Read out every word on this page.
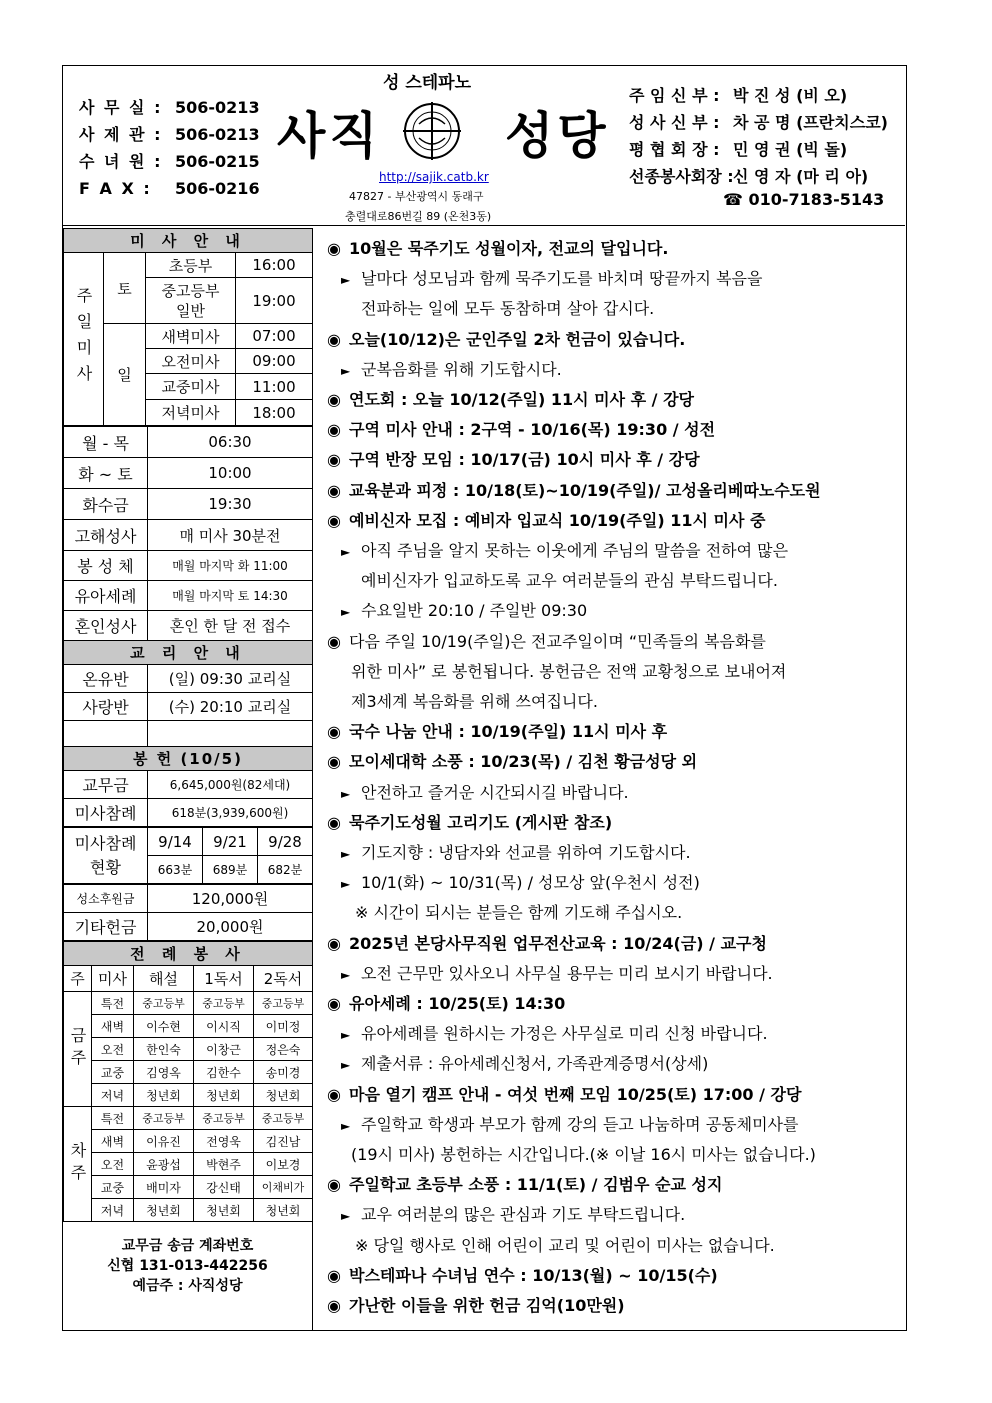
사 무 실 : 506-0213
사 제 관 : 506-0213
수 녀 원 : 506-0215
F A X :	506-0216
성 스테파노
사직 성당
http://sajik.catb.kr
47827 - 부산광역시 동래구
충렬대로86번길 89 (온천3동)
주 임 신 부 : 박 진 성 (비 오)
성 사 신 부 : 차 공 명 (프란치스코)
평 협 회 장 : 민 영 권 (빅 돌)
선종봉사회장 : 신 영 자 (마 리 아)
☎ 010-7183-5143
미 사 안 내			
주일미사	토	초등부	16:00
		중고등부
일반	19:00
	일	새벽미사	07:00
		오전미사	09:00
		교중미사	11:00
		저녁미사	18:00
월 - 목	06:30
화 ~ 토	10:00
화수금	19:30
고해성사	매 미사 30분전
봉 성 체	매월 마지막 화 11:00
유아세례	매월 마지막 토 14:30
혼인성사	혼인 한 달 전 접수
교 리 안 내	
온유반	(일) 09:30 교리실
사랑반	(수) 20:10 교리실

봉 헌 (10/5)	
교무금	6,645,000원(82세대)
미사참례	618분(3,939,600원)
미사참례
현황	9/14	9/21	9/28
	663분	689분	682분
성소후원금	120,000원
기타헌금	20,000원
전 례 봉 사				
주	미사	해설	1독서	2독서
금주	특전	중고등부	중고등부	중고등부
	새벽	이수현	이시직	이미정
	오전	한인숙	이창근	정은숙
	교중	김영옥	김한수	송미경
	저녁	청년회	청년회	청년회
차주	특전	중고등부	중고등부	중고등부
	새벽	이유진	전영욱	김진남
	오전	윤광섭	박현주	이보경
	교중	배미자	강신태	이채비가
	저녁	청년회	청년회	청년회
교무금 송금 계좌번호
신협 131-013-442256
예금주 : 사직성당
◉ 10월은 묵주기도 성월이자, 전교의 달입니다.
► 날마다 성모님과 함께 묵주기도를 바치며 땅끝까지 복음을
전파하는 일에 모두 동참하며 살아 갑시다.
◉ 오늘(10/12)은 군인주일 2차 헌금이 있습니다.
► 군복음화를 위해 기도합시다.
◉ 연도회 : 오늘 10/12(주일) 11시 미사 후 / 강당
◉ 구역 미사 안내 : 2구역 - 10/16(목) 19:30 / 성전
◉ 구역 반장 모임 : 10/17(금) 10시 미사 후 / 강당
◉ 교육분과 피정 : 10/18(토)~10/19(주일)/ 고성올리베따노수도원
◉ 예비신자 모집 : 예비자 입교식 10/19(주일) 11시 미사 중
► 아직 주님을 알지 못하는 이웃에게 주님의 말씀을 전하여 많은
예비신자가 입교하도록 교우 여러분들의 관심 부탁드립니다.
► 수요일반 20:10 / 주일반 09:30
◉ 다음 주일 10/19(주일)은 전교주일이며 “민족들의 복음화를
위한 미사” 로 봉헌됩니다. 봉헌금은 전액 교황청으로 보내어져
제3세계 복음화를 위해 쓰여집니다.
◉ 국수 나눔 안내 : 10/19(주일) 11시 미사 후
◉ 모이세대학 소풍 : 10/23(목) / 김천 황금성당 외
► 안전하고 즐거운 시간되시길 바랍니다.
◉ 묵주기도성월 고리기도 (게시판 참조)
► 기도지향 : 냉담자와 선교를 위하여 기도합시다.
► 10/1(화) ~ 10/31(목) / 성모상 앞(우천시 성전)
※ 시간이 되시는 분들은 함께 기도해 주십시오.
◉ 2025년 본당사무직원 업무전산교육 : 10/24(금) / 교구청
► 오전 근무만 있사오니 사무실 용무는 미리 보시기 바랍니다.
◉ 유아세례 : 10/25(토) 14:30
► 유아세례를 원하시는 가정은 사무실로 미리 신청 바랍니다.
► 제출서류 : 유아세례신청서, 가족관계증명서(상세)
◉ 마음 열기 캠프 안내 - 여섯 번째 모임 10/25(토) 17:00 / 강당
► 주일학교 학생과 부모가 함께 강의 듣고 나눔하며 공동체미사를
(19시 미사) 봉헌하는 시간입니다.(※ 이날 16시 미사는 없습니다.)
◉ 주일학교 초등부 소풍 : 11/1(토) / 김범우 순교 성지
► 교우 여러분의 많은 관심과 기도 부탁드립니다.
※ 당일 행사로 인해 어린이 교리 및 어린이 미사는 없습니다.
◉ 박스테파나 수녀님 연수 : 10/13(월) ~ 10/15(수)
◉ 가난한 이들을 위한 헌금 김억(10만원)
